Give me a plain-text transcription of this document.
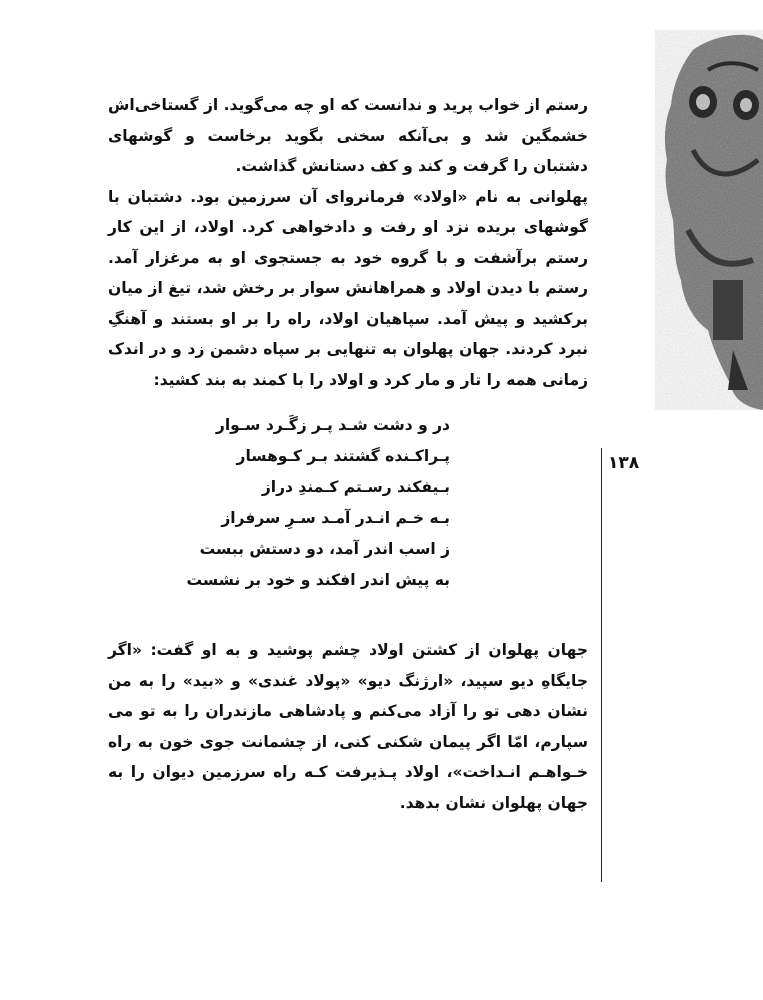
رستم از خواب پرید و ندانست که او چه می‌گوید. از گستاخی‌اش خشمگین شد و بی‌آنکه سخنی بگوید برخاست و گوشهای دشتبان را گرفت و کند و کف دستانش گذاشت.

پهلوانی به نام «اولاد» فرمانروای آن سرزمین بود. دشتبان با گوشهای بریده نزد او رفت و دادخواهی کرد. اولاد، از این کار رستم برآشفت و با گروه خود به جستجوی او به مرغزار آمد. رستم با دیدن اولاد و همراهانش سوار بر رخش شد، تیغ از میان برکشید و پیش آمد. سپاهیان اولاد، راه را بر او بستند و آهنگِ نبرد کردند. جهان پهلوان به تنهایی بر سپاه دشمن زد و در اندک زمانی همه را تار و مار کرد و اولاد را با کمند به بند کشید:

در و دشت شـد پـر زگَـرد سـوار
پـراکـنده گشتند بـر کـوهسار
بـیفکند رسـتم کـمندِ دراز
بـه خـم انـدر آمـد سـرِ سرفراز
ز اسب اندر آمد، دو دستش ببست
به پیش اندر افکند و خود بر نشست

جهان پهلوان از کشتن اولاد چشم پوشید و به او گفت: «اگر جایگاهِ دیو سپید، «ارژنگ دیو» «پولاد غندی» و «بید» را به من نشان دهی تو را آزاد می‌کنم و پادشاهی مازندران را به تو می سپارم، امّا اگر پیمان شکنی کنی، از چشمانت جوی خون به راه خـواهـم انـداخت»، اولاد پـذیرفت کـه راه سرزمین دیوان را به جهان پهلوان نشان بدهد.

۱۳۸
